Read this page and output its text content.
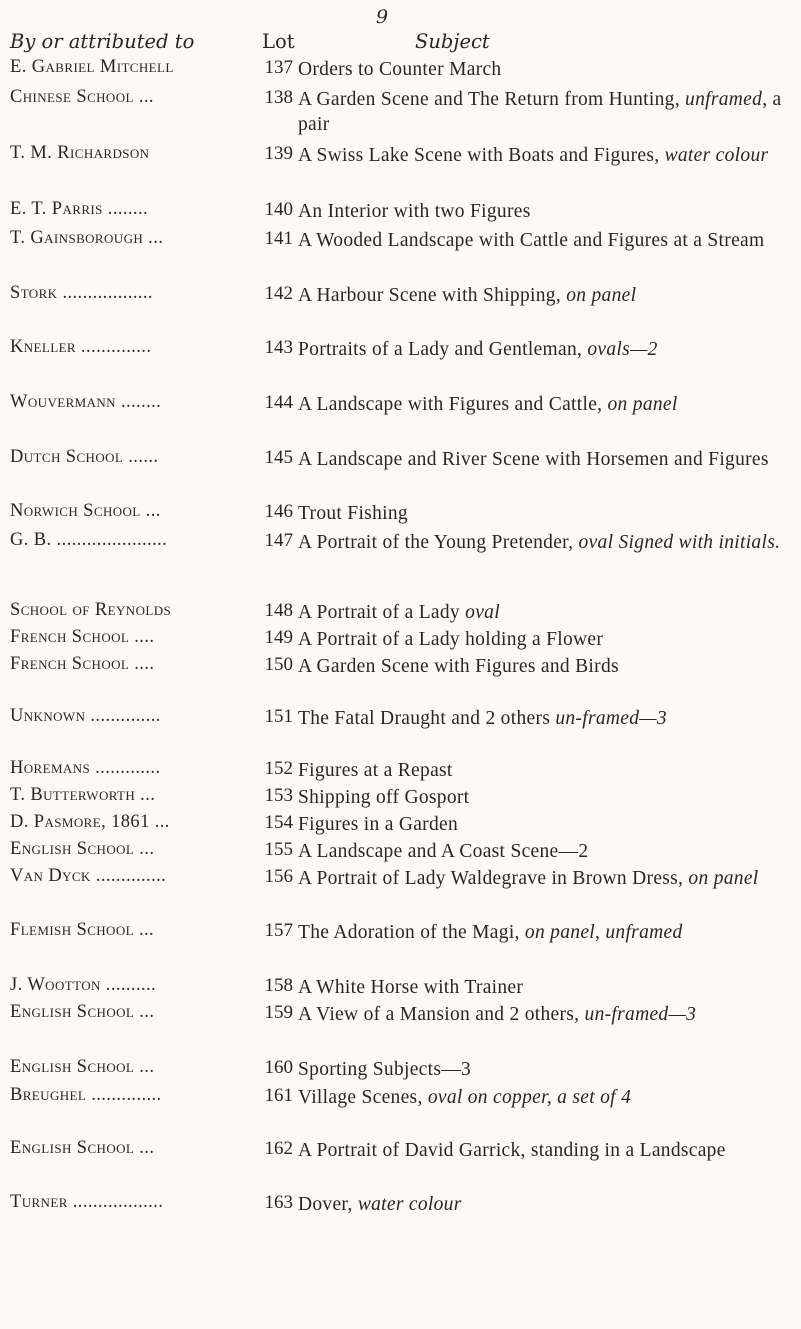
9
By or attributed to	Lot	Subject
E. Gabriel Mitchell	137 Orders to Counter March
Chinese School ...	138 A Garden Scene and The Return from Hunting, unframed, a pair
T. M. Richardson	139 A Swiss Lake Scene with Boats and Figures, water colour
E. T. Parris ........	140 An Interior with two Figures
T. Gainsborough ...	141 A Wooded Landscape with Cattle and Figures at a Stream
Stork ..................	142 A Harbour Scene with Shipping, on panel
Kneller ..............	143 Portraits of a Lady and Gentleman, ovals—2
Wouvermann ........	144 A Landscape with Figures and Cattle, on panel
Dutch School ......	145 A Landscape and River Scene with Horsemen and Figures
Norwich School ...	146 Trout Fishing
G. B. ......................	147 A Portrait of the Young Pretender, oval Signed with initials.
School of Reynolds	148 A Portrait of a Lady oval
French School ....	149 A Portrait of a Lady holding a Flower
French School ....	150 A Garden Scene with Figures and Birds
Unknown ..............	151 The Fatal Draught and 2 others un-framed—3
Horemans .............	152 Figures at a Repast
T. Butterworth ...	153 Shipping off Gosport
D. Pasmore, 1861 ...	154 Figures in a Garden
English School ...	155 A Landscape and A Coast Scene—2
Van Dyck ..............	156 A Portrait of Lady Waldegrave in Brown Dress, on panel
Flemish School ...	157 The Adoration of the Magi, on panel, unframed
J. Wootton ..........	158 A White Horse with Trainer
English School ...	159 A View of a Mansion and 2 others, un-framed—3
English School ...	160 Sporting Subjects—3
Breughel ..............	161 Village Scenes, oval on copper, a set of 4
English School ...	162 A Portrait of David Garrick, standing in a Landscape
Turner ..................	163 Dover, water colour
